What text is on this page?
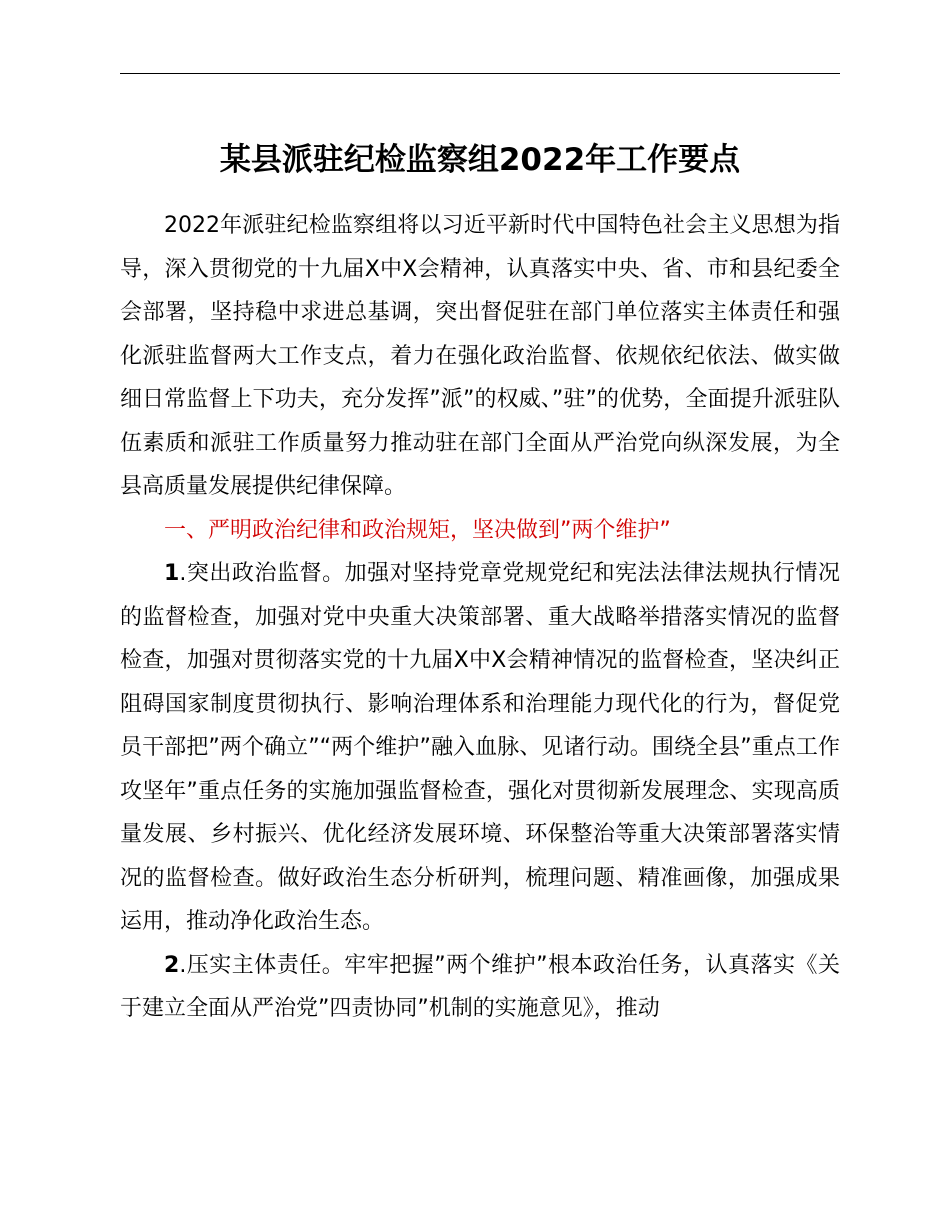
某县派驻纪检监察组2022年工作要点

2022年派驻纪检监察组将以习近平新时代中国特色社会主义思想为指导，深入贯彻党的十九届X中X会精神，认真落实中央、省、市和县纪委全会部署，坚持稳中求进总基调，突出督促驻在部门单位落实主体责任和强化派驻监督两大工作支点，着力在强化政治监督、依规依纪依法、做实做细日常监督上下功夫，充分发挥”派”的权威、”驻”的优势，全面提升派驻队伍素质和派驻工作质量努力推动驻在部门全面从严治党向纵深发展，为全县高质量发展提供纪律保障。

一、严明政治纪律和政治规矩，坚决做到”两个维护”

1.突出政治监督。加强对坚持党章党规党纪和宪法法律法规执行情况的监督检查，加强对党中央重大决策部署、重大战略举措落实情况的监督检查，加强对贯彻落实党的十九届X中X会精神情况的监督检查，坚决纠正阻碍国家制度贯彻执行、影响治理体系和治理能力现代化的行为，督促党员干部把”两个确立”“两个维护”融入血脉、见诸行动。围绕全县”重点工作攻坚年”重点任务的实施加强监督检查，强化对贯彻新发展理念、实现高质量发展、乡村振兴、优化经济发展环境、环保整治等重大决策部署落实情况的监督检查。做好政治生态分析研判，梳理问题、精准画像，加强成果运用，推动净化政治生态。

2.压实主体责任。牢牢把握”两个维护”根本政治任务，认真落实《关于建立全面从严治党”四责协同”机制的实施意见》，推动
